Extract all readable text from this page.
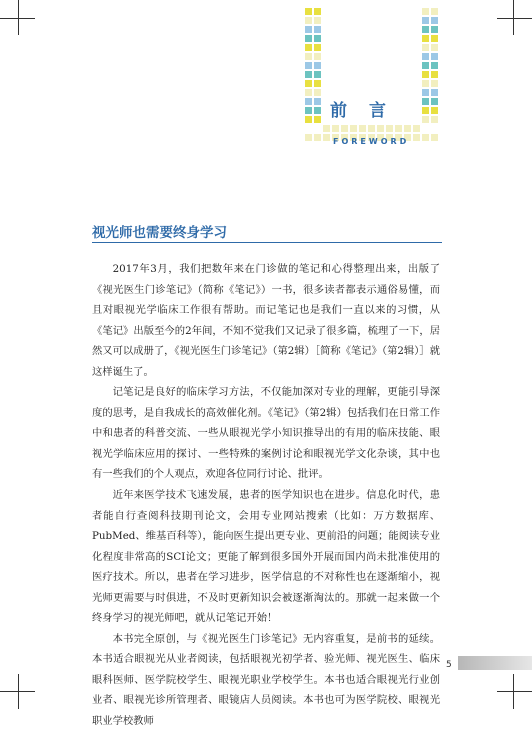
前言
FOREWORD
视光师也需要终身学习

2017年3月，我们把数年来在门诊做的笔记和心得整理出来，出版了《视光医生门诊笔记》（简称《笔记》）一书，很多读者都表示通俗易懂，而且对眼视光学临床工作很有帮助。而记笔记也是我们一直以来的习惯，从《笔记》出版至今的2年间，不知不觉我们又记录了很多篇，梳理了一下，居然又可以成册了，《视光医生门诊笔记》（第2辑）［简称《笔记》（第2辑）］就这样诞生了。

记笔记是良好的临床学习方法，不仅能加深对专业的理解，更能引导深度的思考，是自我成长的高效催化剂。《笔记》（第2辑）包括我们在日常工作中和患者的科普交流、一些从眼视光学小知识推导出的有用的临床技能、眼视光学临床应用的探讨、一些特殊的案例讨论和眼视光学文化杂谈，其中也有一些我们的个人观点，欢迎各位同行讨论、批评。

近年来医学技术飞速发展，患者的医学知识也在进步。信息化时代，患者能自行查阅科技期刊论文，会用专业网站搜索（比如：万方数据库、PubMed、维基百科等），能向医生提出更专业、更前沿的问题；能阅读专业化程度非常高的SCI论文；更能了解到很多国外开展而国内尚未批准使用的医疗技术。所以，患者在学习进步，医学信息的不对称性也在逐渐缩小，视光师更需要与时俱进，不及时更新知识会被逐渐淘汰的。那就一起来做一个终身学习的视光师吧，就从记笔记开始！

本书完全原创，与《视光医生门诊笔记》无内容重复，是前书的延续。本书适合眼视光从业者阅读，包括眼视光初学者、验光师、视光医生、临床眼科医师、医学院校学生、眼视光职业学校学生。本书也适合眼视光行业创业者、眼视光诊所管理者、眼镜店人员阅读。本书也可为医学院校、眼视光职业学校教师

5
